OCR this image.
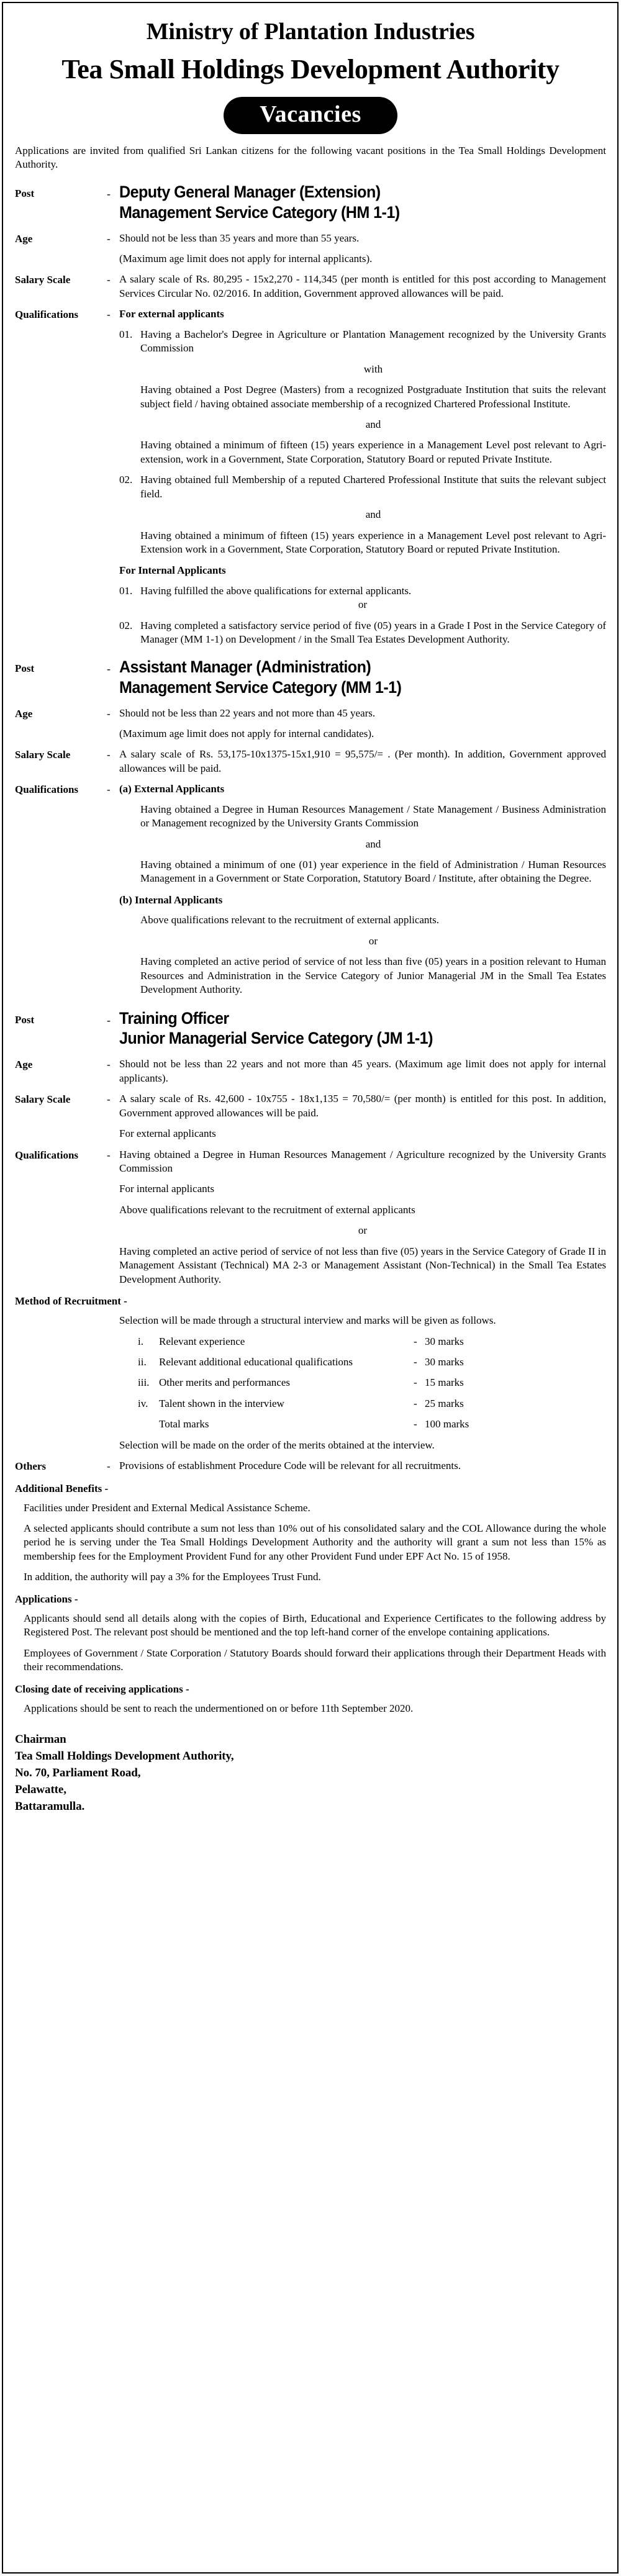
Ministry of Plantation Industries
Tea Small Holdings Development Authority
Vacancies
Applications are invited from qualified Sri Lankan citizens for the following vacant positions in the Tea Small Holdings Development Authority.
Post	- Deputy General Manager (Extension)
Management Service Category (HM 1-1)
Age	- Should not be less than 35 years and more than 55 years.

(Maximum age limit does not apply for internal applicants).

Salary Scale	- A salary scale of Rs. 80,295 - 15x2,270 - 114,345 (per month is entitled for this post according to Management Services Circular No. 02/2016. In addition, Government approved allowances will be paid.

Qualifications	- For external applicants
01. Having a Bachelor's Degree in Agriculture or Plantation Management recognized by the University Grants Commission

with

Having obtained a Post Degree (Masters) from a recognized Postgraduate Institution that suits the relevant subject field / having obtained associate membership of a recognized Chartered Professional Institute.

and

Having obtained a minimum of fifteen (15) years experience in a Management Level post relevant to Agri-extension, work in a Government, State Corporation, Statutory Board or reputed Private Institute.

02. Having obtained full Membership of a reputed Chartered Professional Institute that suits the relevant subject field.

and

Having obtained a minimum of fifteen (15) years experience in a Management Level post relevant to Agri-Extension work in a Government, State Corporation, Statutory Board or reputed Private Institution.

For Internal Applicants
01. Having fulfilled the above qualifications for external applicants.

or

02. Having completed a satisfactory service period of five (05) years in a Grade I Post in the Service Category of Manager (MM 1-1) on Development / in the Small Tea Estates Development Authority.

Post	- Assistant Manager (Administration)
Management Service Category (MM 1-1)
Age	- Should not be less than 22 years and not more than 45 years.

(Maximum age limit does not apply for internal candidates).

Salary Scale	- A salary scale of Rs. 53,175-10x1375-15x1,910 = 95,575/= . (Per month). In addition, Government approved allowances will be paid.

Qualifications	- (a) External Applicants

Having obtained a Degree in Human Resources Management / State Management / Business Administration or Management recognized by the University Grants Commission

and

Having obtained a minimum of one (01) year experience in the field of Administration / Human Resources Management in a Government or State Corporation, Statutory Board / Institute, after obtaining the Degree.

(b) Internal Applicants

Above qualifications relevant to the recruitment of external applicants.

or

Having completed an active period of service of not less than five (05) years in a position relevant to Human Resources and Administration in the Service Category of Junior Managerial JM in the Small Tea Estates Development Authority.

Post	- Training Officer
Junior Managerial Service Category (JM 1-1)
Age	- Should not be less than 22 years and not more than 45 years. (Maximum age limit does not apply for internal applicants).

Salary Scale	- A salary scale of Rs. 42,600 - 10x755 - 18x1,135 = 70,580/= (per month) is entitled for this post. In addition, Government approved allowances will be paid.

For external applicants

Qualifications	- Having obtained a Degree in Human Resources Management / Agriculture recognized by the University Grants Commission

For internal applicants

Above qualifications relevant to the recruitment of external applicants

or

Having completed an active period of service of not less than five (05) years in the Service Category of Grade II in Management Assistant (Technical) MA 2-3 or Management Assistant (Non-Technical) in the Small Tea Estates Development Authority.

Method of Recruitment -

Selection will be made through a structural interview and marks will be given as follows.

i.	Relevant experience	- 30 marks
ii.	Relevant additional educational qualifications	- 30 marks
iii. Other merits and performances	- 15 marks
iv.	Talent shown in the interview	- 25 marks
Total marks	- 100 marks

Selection will be made on the order of the merits obtained at the interview.

Others	- Provisions of establishment Procedure Code will be relevant for all recruitments.

Additional Benefits -

Facilities under President and External Medical Assistance Scheme.

A selected applicants should contribute a sum not less than 10% out of his consolidated salary and the COL Allowance during the whole period he is serving under the Tea Small Holdings Development Authority and the authority will grant a sum not less than 15% as membership fees for the Employment Provident Fund for any other Provident Fund under EPF Act No. 15 of 1958.

In addition, the authority will pay a 3% for the Employees Trust Fund.

Applications -

Applicants should send all details along with the copies of Birth, Educational and Experience Certificates to the following address by Registered Post. The relevant post should be mentioned and the top left-hand corner of the envelope containing applications.

Employees of Government / State Corporation / Statutory Boards should forward their applications through their Department Heads with their recommendations.

Closing date of receiving applications -

Applications should be sent to reach the undermentioned on or before 11th September 2020.

Chairman
Tea Small Holdings Development Authority,
No. 70, Parliament Road,
Pelawatte,
Battaramulla.
